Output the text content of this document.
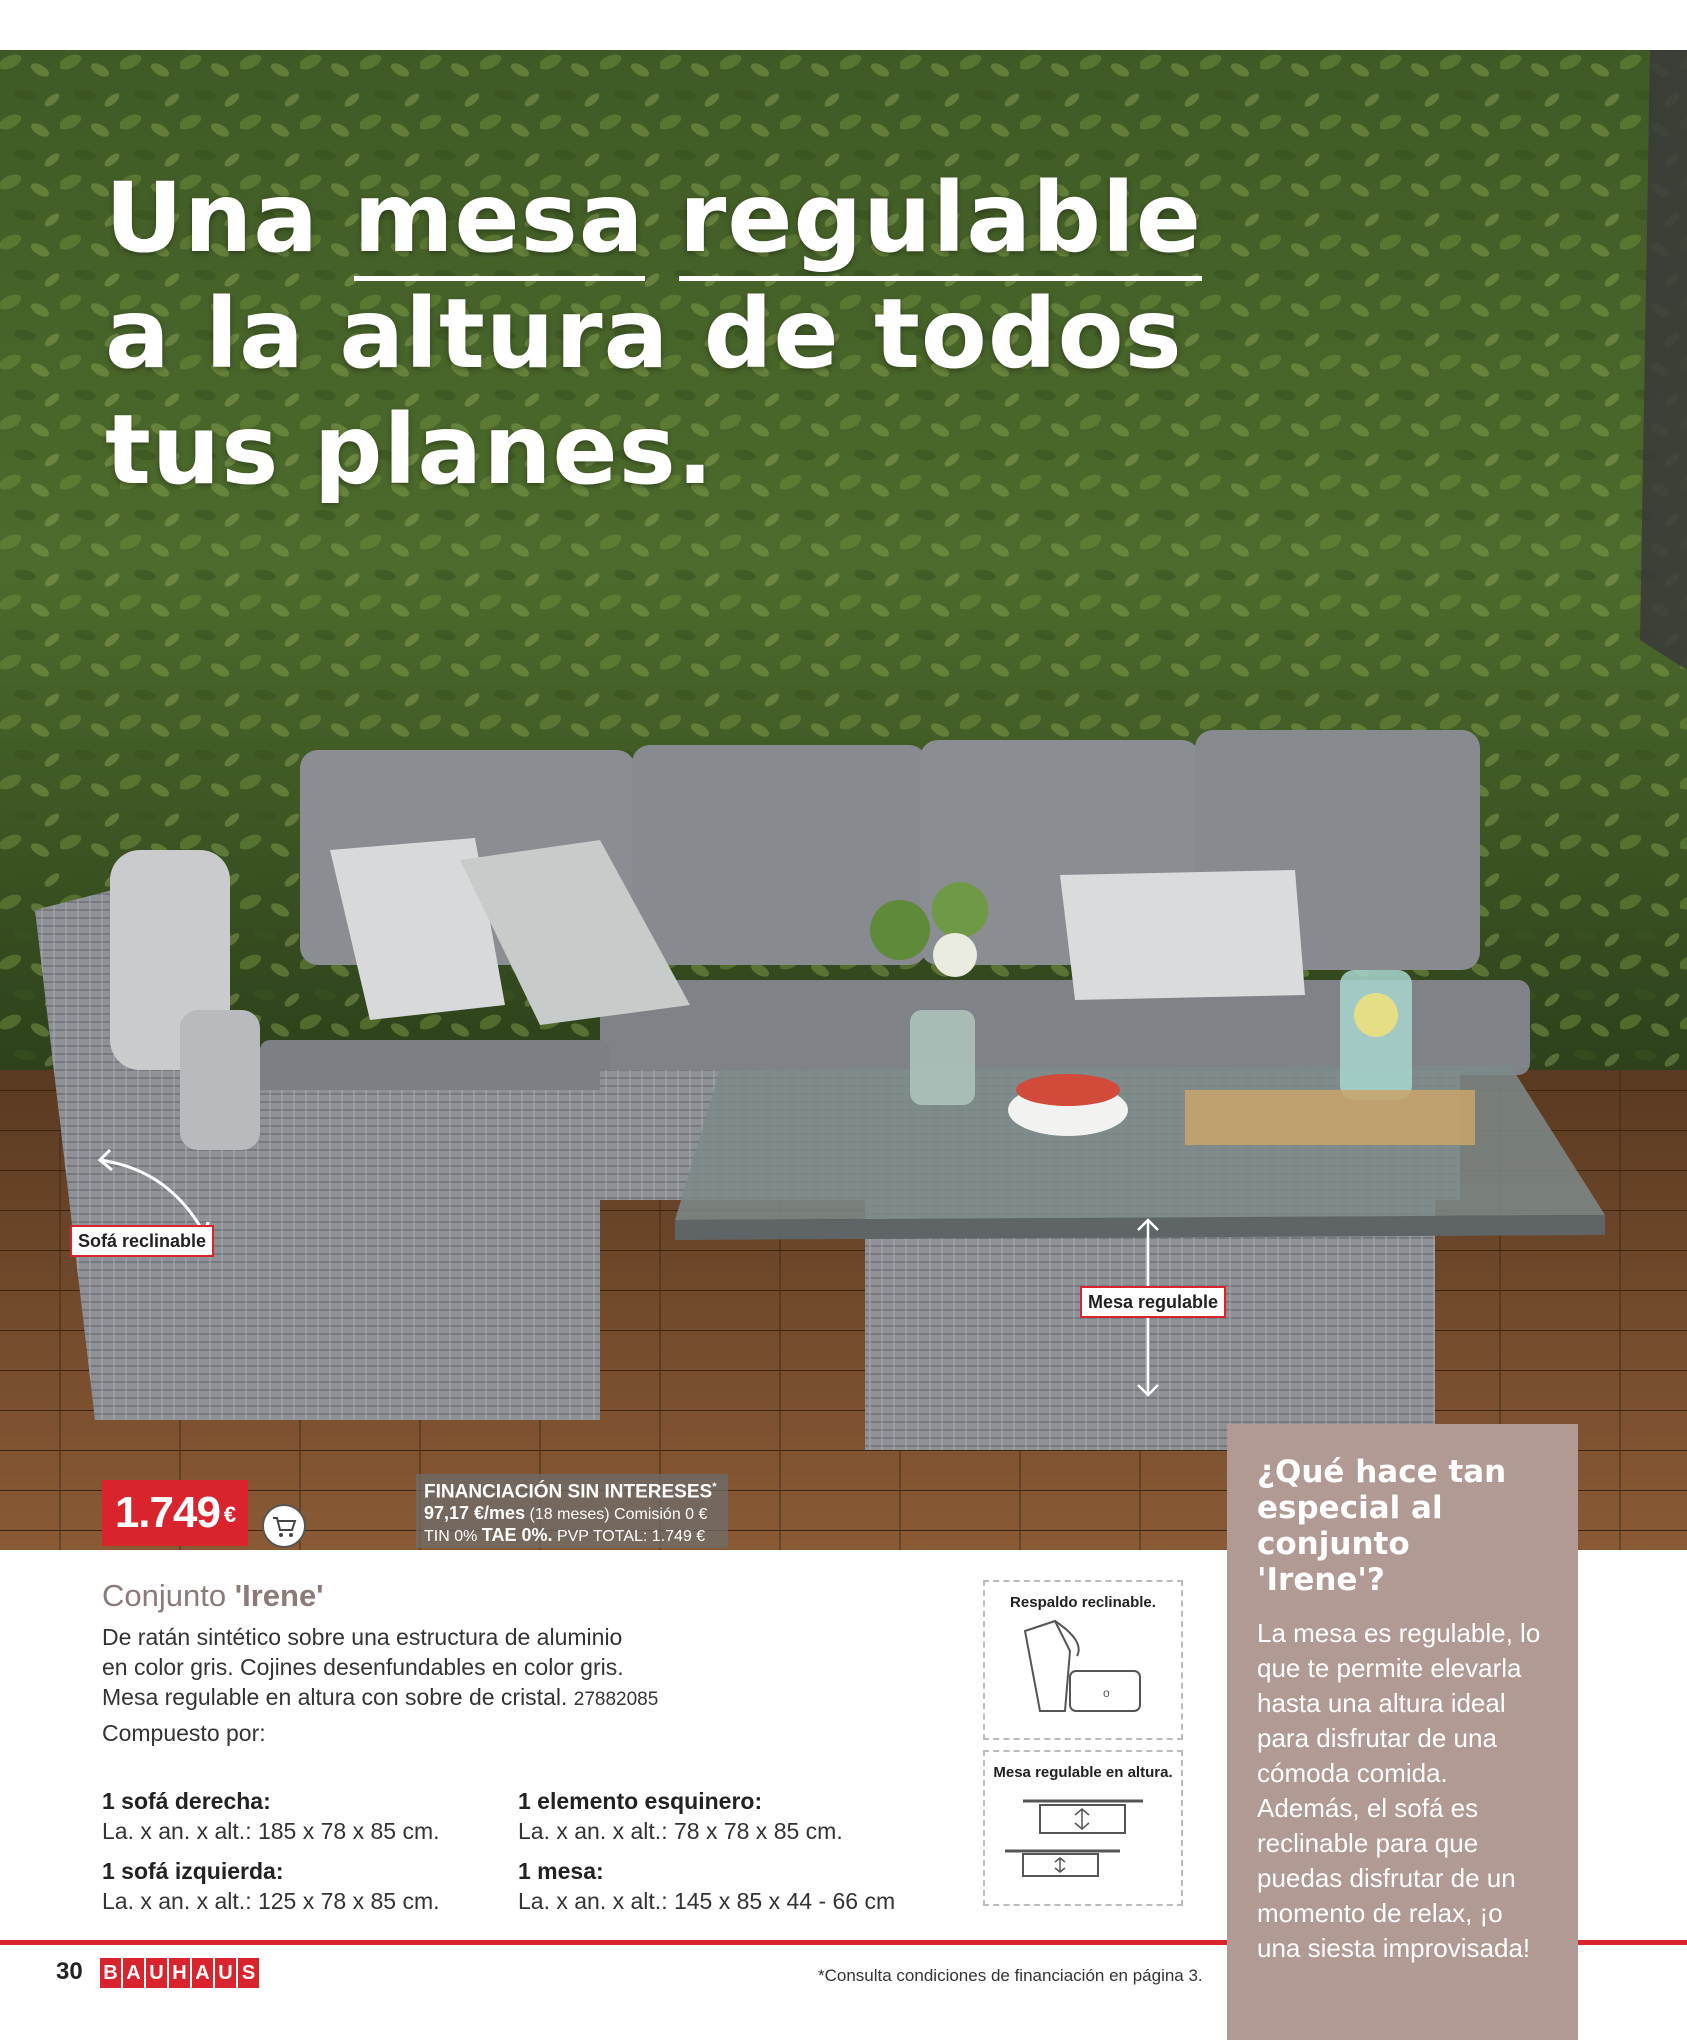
Una mesa regulable
a la altura de todos
tus planes.
Sofá reclinable
Mesa regulable
1.749 €
FINANCIACIÓN SIN INTERESES*
97,17 €/mes (18 meses) Comisión 0 €
TIN 0% TAE 0%. PVP TOTAL: 1.749 €
Conjunto 'Irene'
De ratán sintético sobre una estructura de aluminio
en color gris. Cojines desenfundables en color gris.
Mesa regulable en altura con sobre de cristal. 27882085
Compuesto por:
1 sofá derecha:
La. x an. x alt.: 185 x 78 x 85 cm.
1 elemento esquinero:
La. x an. x alt.: 78 x 78 x 85 cm.
1 sofá izquierda:
La. x an. x alt.: 125 x 78 x 85 cm.
1 mesa:
La. x an. x alt.: 145 x 85 x 44 - 66 cm
Respaldo reclinable.
o
Mesa regulable en altura.
¿Qué hace tan especial al conjunto 'Irene'?
La mesa es regulable, lo que te permite elevarla hasta una altura ideal para disfrutar de una cómoda comida. Además, el sofá es reclinable para que puedas disfrutar de un momento de relax, ¡o una siesta improvisada!
30 B A U H A U S	*Consulta condiciones de financiación en página 3.
